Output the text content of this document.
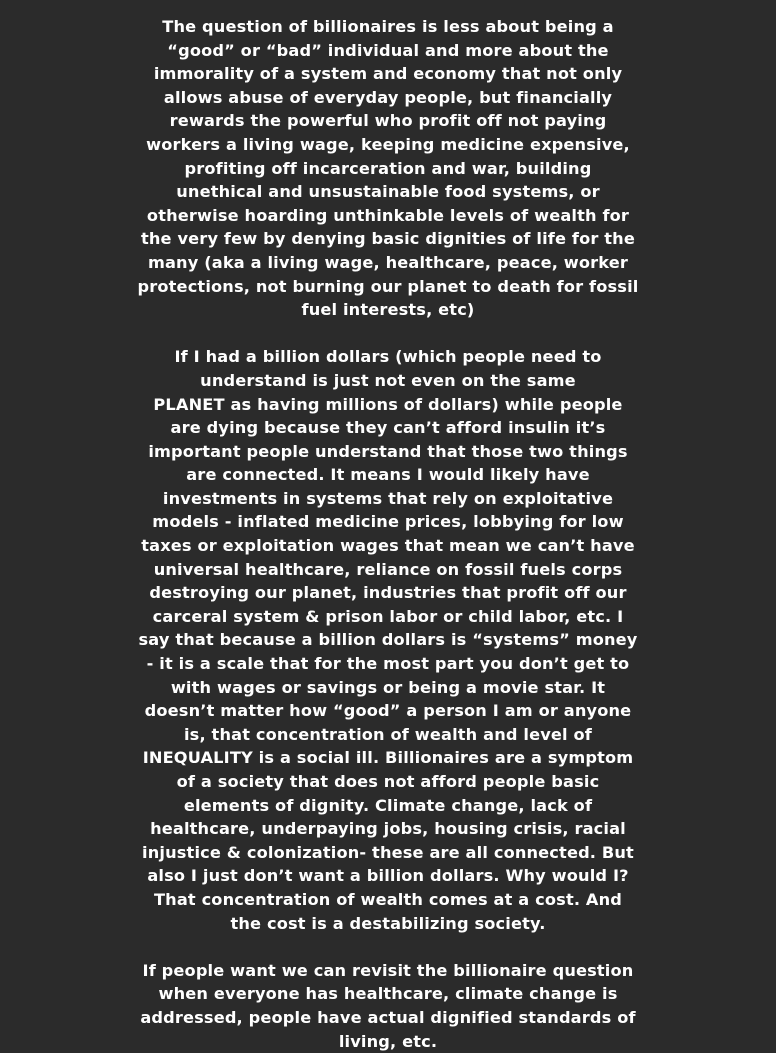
The question of billionaires is less about being a
“good” or “bad” individual and more about the
immorality of a system and economy that not only
allows abuse of everyday people, but financially
rewards the powerful who profit off not paying
workers a living wage, keeping medicine expensive,
profiting off incarceration and war, building
unethical and unsustainable food systems, or
otherwise hoarding unthinkable levels of wealth for
the very few by denying basic dignities of life for the
many (aka a living wage, healthcare, peace, worker
protections, not burning our planet to death for fossil
fuel interests, etc)
If I had a billion dollars (which people need to
understand is just not even on the same
PLANET as having millions of dollars) while people
are dying because they can’t afford insulin it’s
important people understand that those two things
are connected. It means I would likely have
investments in systems that rely on exploitative
models - inflated medicine prices, lobbying for low
taxes or exploitation wages that mean we can’t have
universal healthcare, reliance on fossil fuels corps
destroying our planet, industries that profit off our
carceral system & prison labor or child labor, etc. I
say that because a billion dollars is “systems” money
- it is a scale that for the most part you don’t get to
with wages or savings or being a movie star. It
doesn’t matter how “good” a person I am or anyone
is, that concentration of wealth and level of
INEQUALITY is a social ill. Billionaires are a symptom
of a society that does not afford people basic
elements of dignity. Climate change, lack of
healthcare, underpaying jobs, housing crisis, racial
injustice & colonization- these are all connected. But
also I just don’t want a billion dollars. Why would I?
That concentration of wealth comes at a cost. And
the cost is a destabilizing society.
If people want we can revisit the billionaire question
when everyone has healthcare, climate change is
addressed, people have actual dignified standards of
living, etc.
